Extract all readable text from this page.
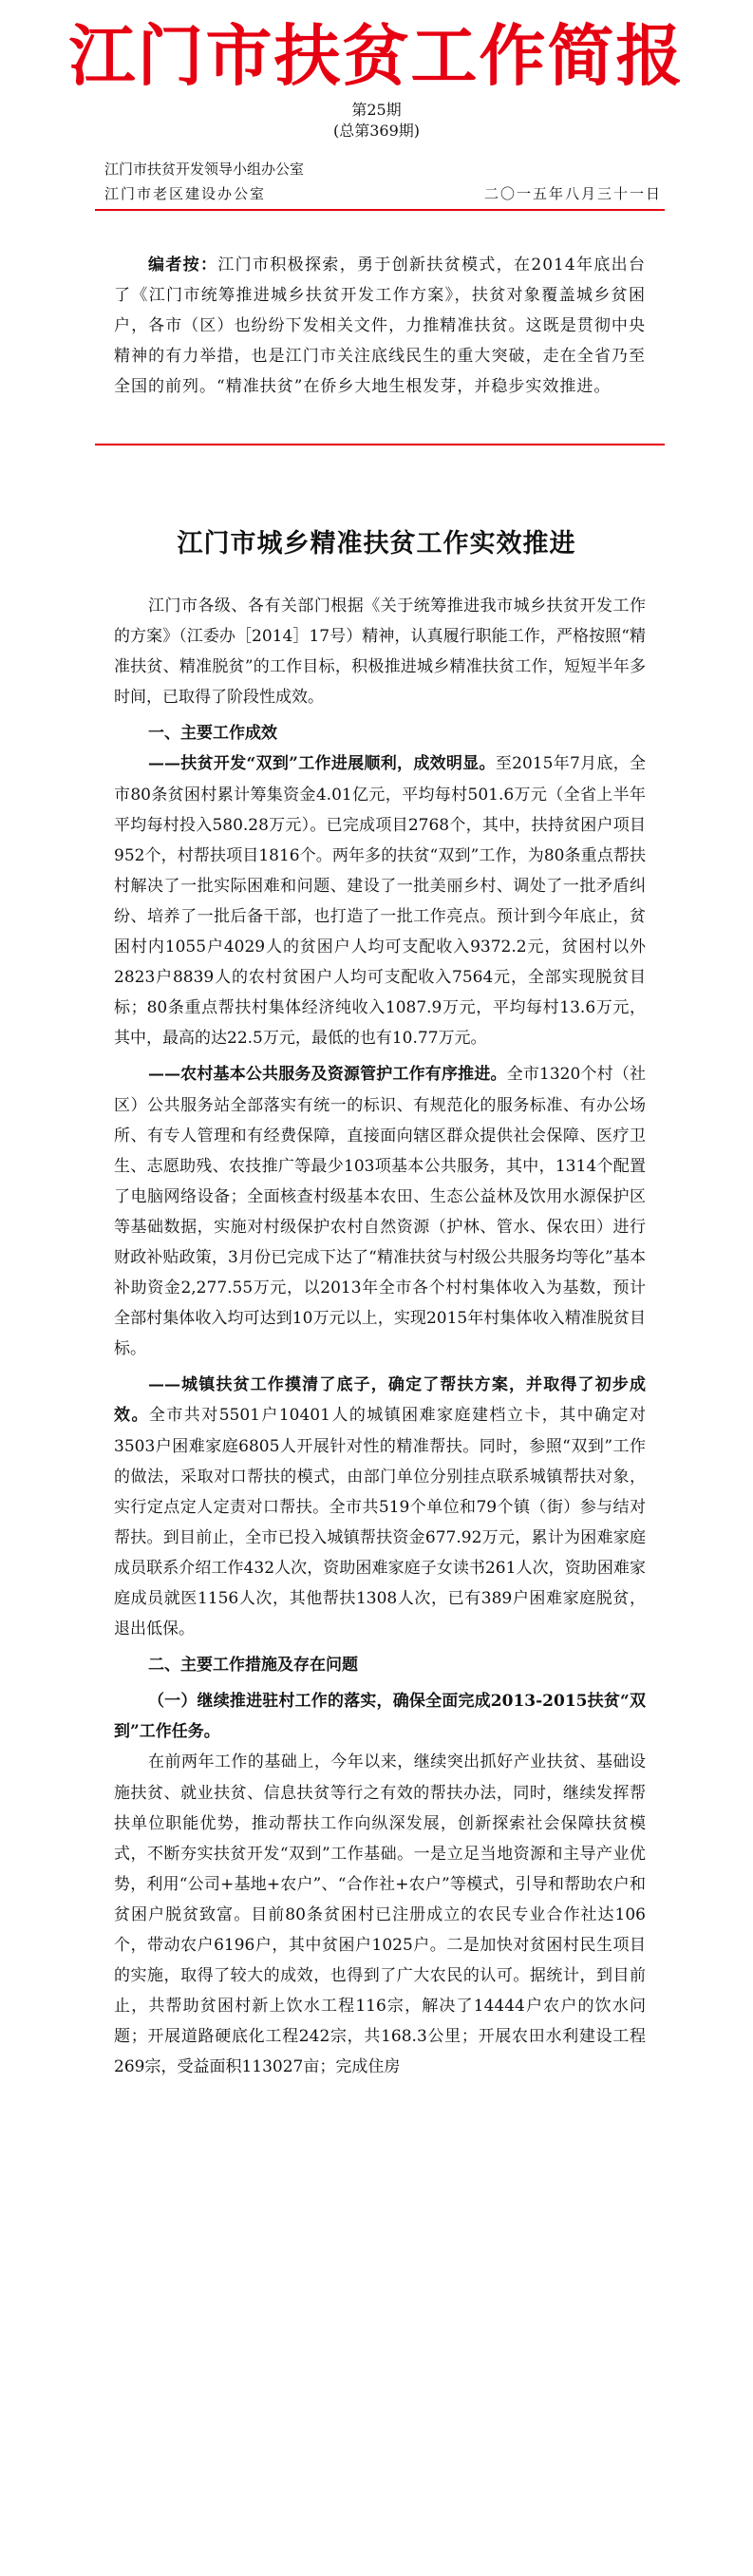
江门市扶贫工作简报
第25期
(总第369期)
江门市扶贫开发领导小组办公室
江门市老区建设办公室	二〇一五年八月三十一日
编者按：江门市积极探索，勇于创新扶贫模式，在2014年底出台了《江门市统筹推进城乡扶贫开发工作方案》，扶贫对象覆盖城乡贫困户，各市（区）也纷纷下发相关文件，力推精准扶贫。这既是贯彻中央精神的有力举措，也是江门市关注底线民生的重大突破，走在全省乃至全国的前列。“精准扶贫”在侨乡大地生根发芽，并稳步实效推进。
江门市城乡精准扶贫工作实效推进

江门市各级、各有关部门根据《关于统筹推进我市城乡扶贫开发工作的方案》（江委办［2014］17号）精神，认真履行职能工作，严格按照“精准扶贫、精准脱贫”的工作目标，积极推进城乡精准扶贫工作，短短半年多时间，已取得了阶段性成效。

一、主要工作成效

——扶贫开发“双到”工作进展顺利，成效明显。至2015年7月底，全市80条贫困村累计筹集资金4.01亿元，平均每村501.6万元（全省上半年平均每村投入580.28万元）。已完成项目2768个，其中，扶持贫困户项目952个，村帮扶项目1816个。两年多的扶贫“双到”工作，为80条重点帮扶村解决了一批实际困难和问题、建设了一批美丽乡村、调处了一批矛盾纠纷、培养了一批后备干部，也打造了一批工作亮点。预计到今年底止，贫困村内1055户4029人的贫困户人均可支配收入9372.2元，贫困村以外2823户8839人的农村贫困户人均可支配收入7564元，全部实现脱贫目标；80条重点帮扶村集体经济纯收入1087.9万元，平均每村13.6万元，其中，最高的达22.5万元，最低的也有10.77万元。

——农村基本公共服务及资源管护工作有序推进。全市1320个村（社区）公共服务站全部落实有统一的标识、有规范化的服务标准、有办公场所、有专人管理和有经费保障，直接面向辖区群众提供社会保障、医疗卫生、志愿助残、农技推广等最少103项基本公共服务，其中，1314个配置了电脑网络设备；全面核查村级基本农田、生态公益林及饮用水源保护区等基础数据，实施对村级保护农村自然资源（护林、管水、保农田）进行财政补贴政策，3月份已完成下达了“精准扶贫与村级公共服务均等化”基本补助资金2,277.55万元，以2013年全市各个村村集体收入为基数，预计全部村集体收入均可达到10万元以上，实现2015年村集体收入精准脱贫目标。

——城镇扶贫工作摸清了底子，确定了帮扶方案，并取得了初步成效。全市共对5501户10401人的城镇困难家庭建档立卡，其中确定对3503户困难家庭6805人开展针对性的精准帮扶。同时，参照“双到”工作的做法，采取对口帮扶的模式，由部门单位分别挂点联系城镇帮扶对象，实行定点定人定责对口帮扶。全市共519个单位和79个镇（街）参与结对帮扶。到目前止，全市已投入城镇帮扶资金677.92万元，累计为困难家庭成员联系介绍工作432人次，资助困难家庭子女读书261人次，资助困难家庭成员就医1156人次，其他帮扶1308人次，已有389户困难家庭脱贫，退出低保。

二、主要工作措施及存在问题

（一）继续推进驻村工作的落实，确保全面完成2013-2015扶贫“双到”工作任务。

在前两年工作的基础上，今年以来，继续突出抓好产业扶贫、基础设施扶贫、就业扶贫、信息扶贫等行之有效的帮扶办法，同时，继续发挥帮扶单位职能优势，推动帮扶工作向纵深发展，创新探索社会保障扶贫模式，不断夯实扶贫开发“双到”工作基础。一是立足当地资源和主导产业优势，利用“公司+基地+农户”、“合作社+农户”等模式，引导和帮助农户和贫困户脱贫致富。目前80条贫困村已注册成立的农民专业合作社达106个，带动农户6196户，其中贫困户1025户。二是加快对贫困村民生项目的实施，取得了较大的成效，也得到了广大农民的认可。据统计，到目前止，共帮助贫困村新上饮水工程116宗，解决了14444户农户的饮水问题；开展道路硬底化工程242宗，共168.3公里；开展农田水利建设工程269宗，受益面积113027亩；完成住房
